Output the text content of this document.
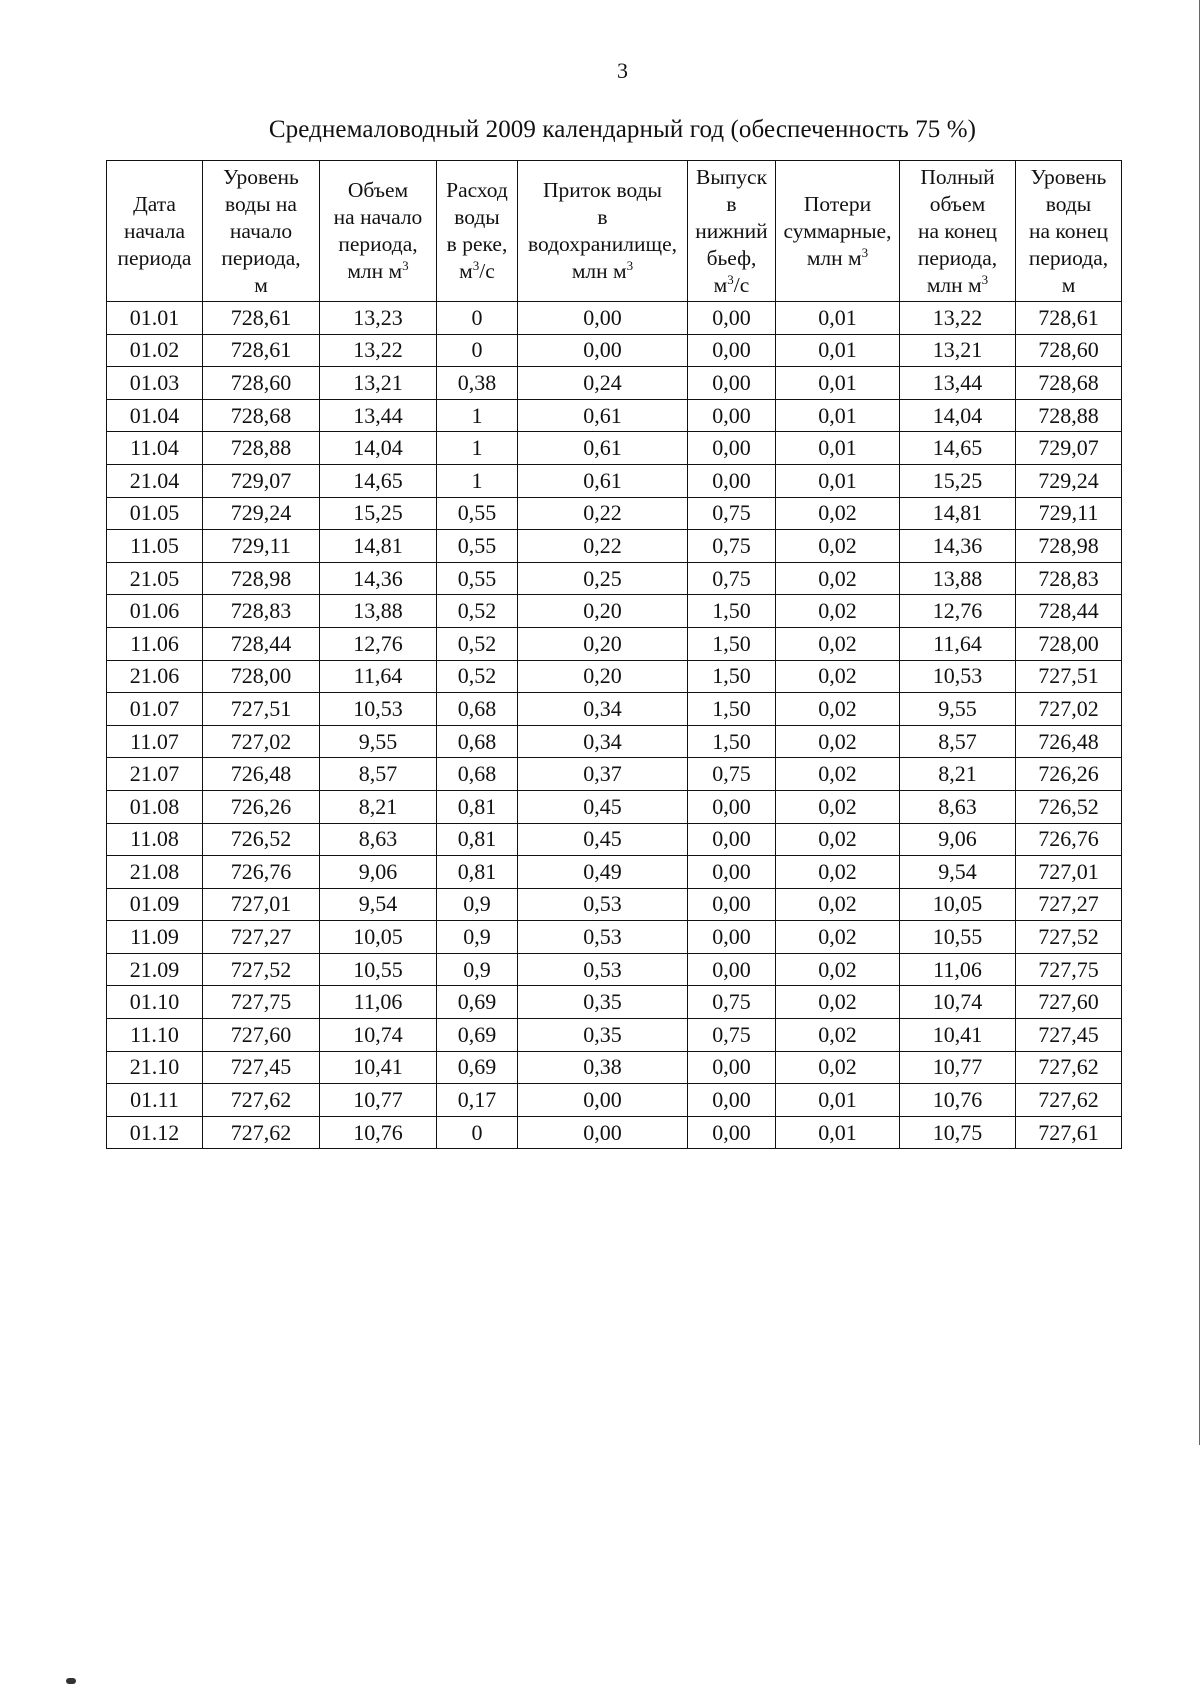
3
Среднемаловодный 2009 календарный год (обеспеченность 75 %)
Дата
начала
периода	Уровень
воды на
начало
периода,
м	Объем
на начало
периода,
млн $м^3$	Расход
воды
в реке,
$м^3/с$	Приток воды
в
водохранилище,
млн $м^3$	Выпуск
в
нижний
бьеф,
$м^3/с$	Потери
суммарные,
млн $м^3$	Полный
объем
на конец
периода,
млн $м^3$	Уровень
воды
на конец
периода,
м

01.01	728,61	13,23	0	0,00	0,00	0,01	13,22	728,61
01.02	728,61	13,22	0	0,00	0,00	0,01	13,21	728,60
01.03	728,60	13,21	0,38	0,24	0,00	0,01	13,44	728,68
01.04	728,68	13,44	1	0,61	0,00	0,01	14,04	728,88
11.04	728,88	14,04	1	0,61	0,00	0,01	14,65	729,07
21.04	729,07	14,65	1	0,61	0,00	0,01	15,25	729,24
01.05	729,24	15,25	0,55	0,22	0,75	0,02	14,81	729,11
11.05	729,11	14,81	0,55	0,22	0,75	0,02	14,36	728,98
21.05	728,98	14,36	0,55	0,25	0,75	0,02	13,88	728,83
01.06	728,83	13,88	0,52	0,20	1,50	0,02	12,76	728,44
11.06	728,44	12,76	0,52	0,20	1,50	0,02	11,64	728,00
21.06	728,00	11,64	0,52	0,20	1,50	0,02	10,53	727,51
01.07	727,51	10,53	0,68	0,34	1,50	0,02	9,55	727,02
11.07	727,02	9,55	0,68	0,34	1,50	0,02	8,57	726,48
21.07	726,48	8,57	0,68	0,37	0,75	0,02	8,21	726,26
01.08	726,26	8,21	0,81	0,45	0,00	0,02	8,63	726,52
11.08	726,52	8,63	0,81	0,45	0,00	0,02	9,06	726,76
21.08	726,76	9,06	0,81	0,49	0,00	0,02	9,54	727,01
01.09	727,01	9,54	0,9	0,53	0,00	0,02	10,05	727,27
11.09	727,27	10,05	0,9	0,53	0,00	0,02	10,55	727,52
21.09	727,52	10,55	0,9	0,53	0,00	0,02	11,06	727,75
01.10	727,75	11,06	0,69	0,35	0,75	0,02	10,74	727,60
11.10	727,60	10,74	0,69	0,35	0,75	0,02	10,41	727,45
21.10	727,45	10,41	0,69	0,38	0,00	0,02	10,77	727,62
01.11	727,62	10,77	0,17	0,00	0,00	0,01	10,76	727,62
01.12	727,62	10,76	0	0,00	0,00	0,01	10,75	727,61
